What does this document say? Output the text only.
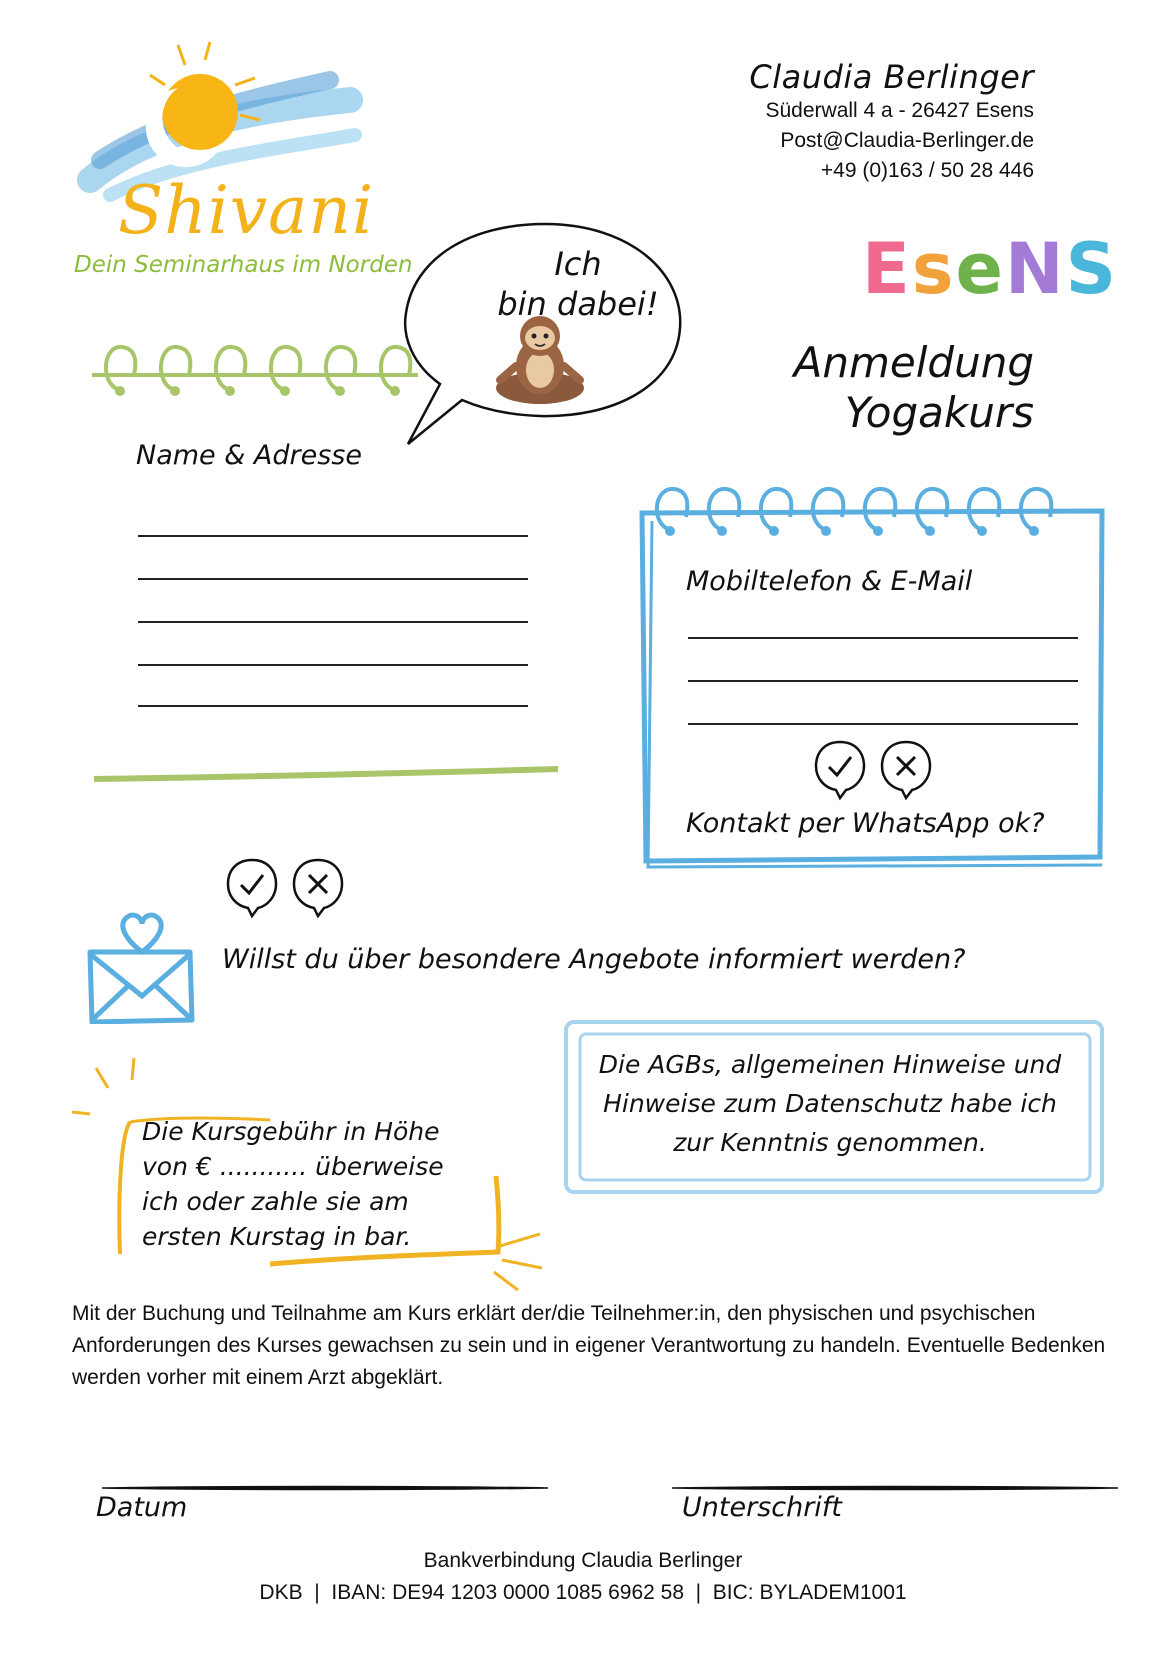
Shivani
Dein Seminarhaus im Norden
Claudia Berlinger
Süderwall 4 a - 26427 Esens
Post@Claudia-Berlinger.de
+49 (0)163 / 50 28 446
EseNS
Anmeldung
Yogakurs
Ich
bin dabei!
Name & Adresse
Mobiltelefon & E-Mail
Kontakt per WhatsApp ok?
Willst du über besondere Angebote informiert werden?
Die Kursgebühr in Höhe von € ........... überweise ich oder zahle sie am ersten Kurstag in bar.
Die AGBs, allgemeinen Hinweise und Hinweise zum Datenschutz habe ich zur Kenntnis genommen.
Mit der Buchung und Teilnahme am Kurs erklärt der/die Teilnehmer:in, den physischen und psychischen Anforderungen des Kurses gewachsen zu sein und in eigener Verantwortung zu handeln. Eventuelle Bedenken werden vorher mit einem Arzt abgeklärt.
Datum	Unterschrift
Bankverbindung Claudia Berlinger
DKB  |  IBAN: DE94 1203 0000 1085 6962 58  |  BIC: BYLADEM1001
